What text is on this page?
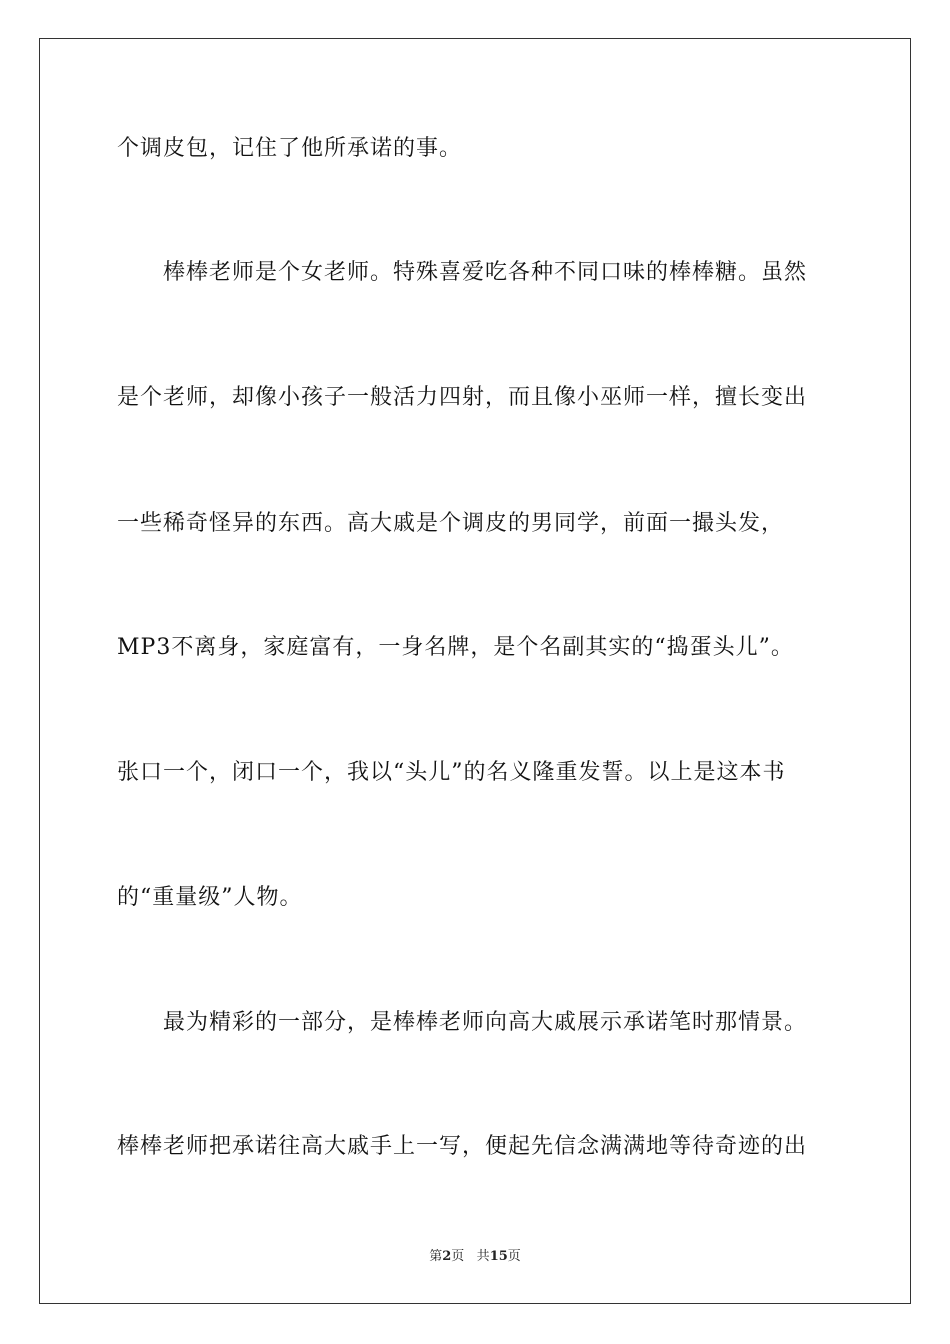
个调皮包，记住了他所承诺的事。
棒棒老师是个女老师。特殊喜爱吃各种不同口味的棒棒糖。虽然
是个老师，却像小孩子一般活力四射，而且像小巫师一样，擅长变出
一些稀奇怪异的东西。高大戚是个调皮的男同学，前面一撮头发，
MP3不离身，家庭富有，一身名牌，是个名副其实的“捣蛋头儿”。
张口一个，闭口一个，我以“头儿”的名义隆重发誓。以上是这本书
的“重量级”人物。
最为精彩的一部分，是棒棒老师向高大戚展示承诺笔时那情景。
棒棒老师把承诺往高大戚手上一写，便起先信念满满地等待奇迹的出
第2页 共15页
